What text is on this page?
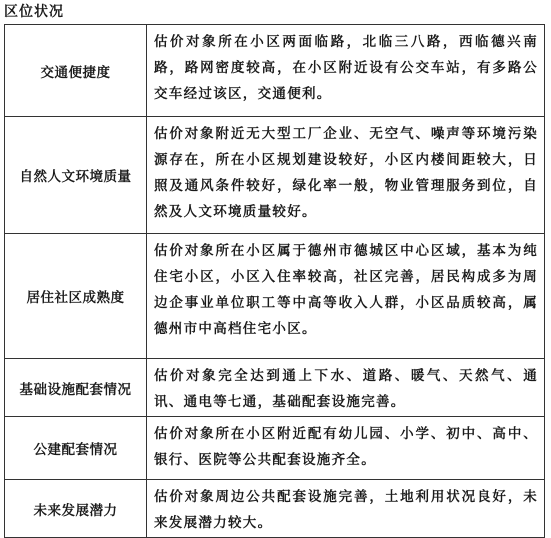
区位状况
交通便捷度
估价对象所在小区两面临路，北临三八路，西临德兴南路，路网密度较高，在小区附近设有公交车站，有多路公交车经过该区，交通便利。
自然人文环境质量
估价对象附近无大型工厂企业、无空气、噪声等环境污染源存在，所在小区规划建设较好，小区内楼间距较大，日照及通风条件较好，绿化率一般，物业管理服务到位，自然及人文环境质量较好。
居住社区成熟度
估价对象所在小区属于德州市德城区中心区域，基本为纯住宅小区，小区入住率较高，社区完善，居民构成多为周边企事业单位职工等中高等收入人群，小区品质较高，属德州市中高档住宅小区。
基础设施配套情况
估价对象完全达到通上下水、道路、暖气、天然气、通讯、通电等七通，基础配套设施完善。
公建配套情况
估价对象所在小区附近配有幼儿园、小学、初中、高中、银行、医院等公共配套设施齐全。
未来发展潜力
估价对象周边公共配套设施完善，土地利用状况良好，未来发展潜力较大。
